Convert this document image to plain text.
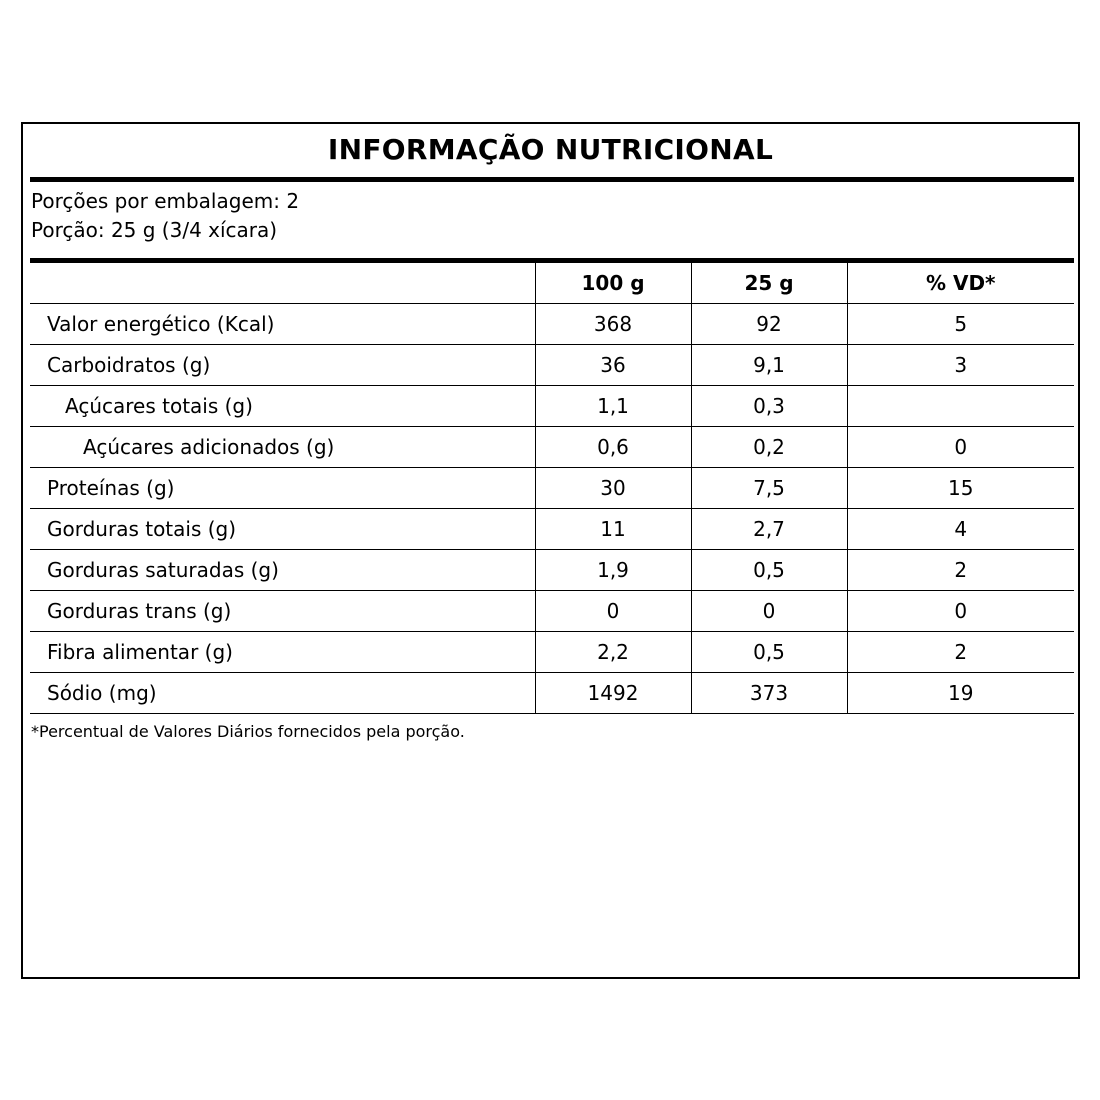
INFORMAÇÃO NUTRICIONAL
Porções por embalagem: 2
Porção: 25 g (3/4 xícara)
	100 g	25 g	% VD*
Valor energético (Kcal)	368	92	5
Carboidratos (g)	36	9,1	3
Açúcares totais (g)	1,1	0,3	
Açúcares adicionados (g)	0,6	0,2	0
Proteínas (g)	30	7,5	15
Gorduras totais (g)	11	2,7	4
Gorduras saturadas (g)	1,9	0,5	2
Gorduras trans (g)	0	0	0
Fibra alimentar (g)	2,2	0,5	2
Sódio (mg)	1492	373	19
*Percentual de Valores Diários fornecidos pela porção.
